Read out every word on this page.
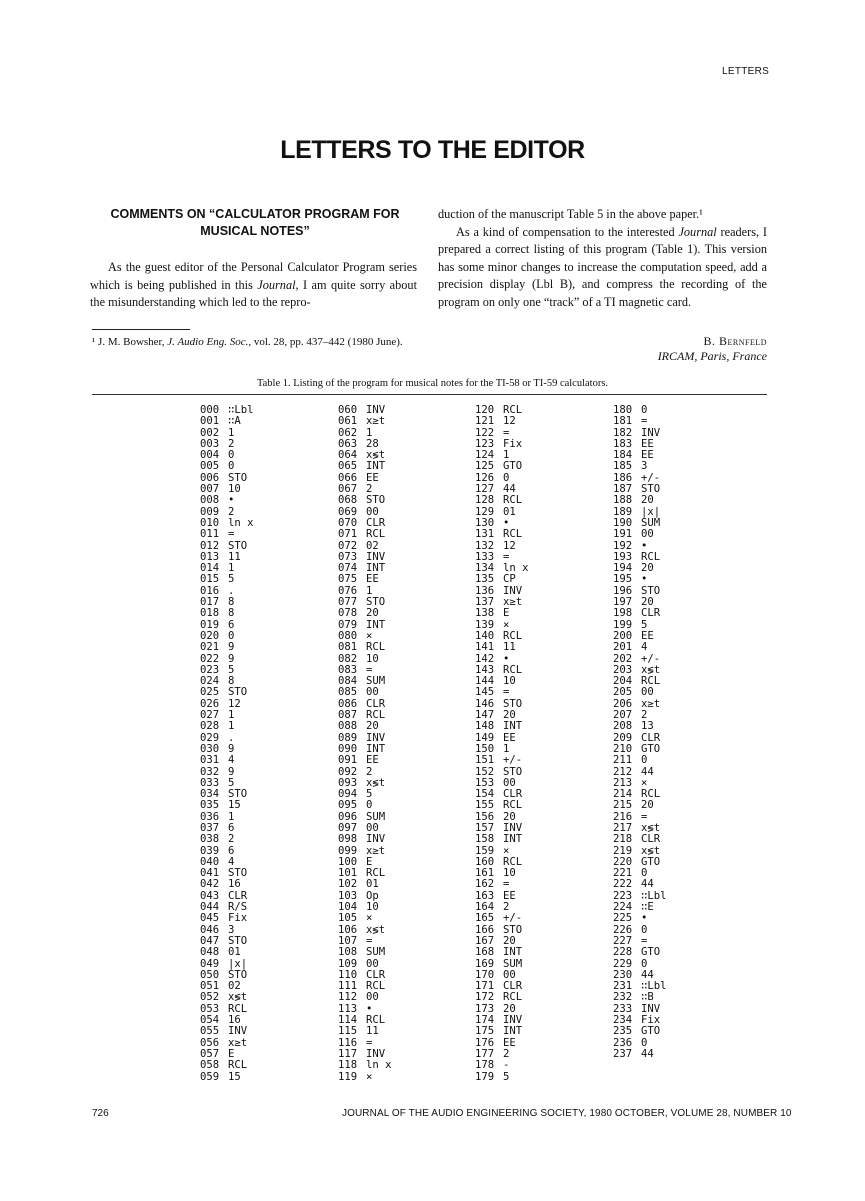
LETTERS
LETTERS TO THE EDITOR
COMMENTS ON “CALCULATOR PROGRAM FOR
MUSICAL NOTES”

As the guest editor of the Personal Calculator Program series which is being published in this Journal, I am quite sorry about the misunderstanding which led to the repro-

duction of the manuscript Table 5 in the above paper.¹

As a kind of compensation to the interested Journal readers, I prepared a correct listing of this program (Table 1). This version has some minor changes to increase the computation speed, add a precision display (Lbl B), and compress the recording of the program on only one “track” of a TI magnetic card.

¹ J. M. Bowsher, J. Audio Eng. Soc., vol. 28, pp. 437–442 (1980 June).	B. Bernfeld
IRCAM, Paris, France
Table 1. Listing of the program for musical notes for the TI-58 or TI-59 calculators.
000 ∷Lbl
001 ∷A
002 1
003 2
004 0
005 0
006 STO
007 10
008 •
009 2
010 ln x
011 =
012 STO
013 11
014 1
015 5
016 .
017 8
018 8
019 6
020 0
021 9
022 9
023 5
024 8
025 STO
026 12
027 1
028 1
029 .
030 9
031 4
032 9
033 5
034 STO
035 15
036 1
037 6
038 2
039 6
040 4
041 STO
042 16
043 CLR
044 R/S
045 Fix
046 3
047 STO
048 01
049 |x|
050 STO
051 02
052 x≶t
053 RCL
054 16
055 INV
056 x≥t
057 E
058 RCL
059 15
060 INV
061 x≥t
062 1
063 28
064 x≶t
065 INT
066 EE
067 2
068 STO
069 00
070 CLR
071 RCL
072 02
073 INV
074 INT
075 EE
076 1
077 STO
078 20
079 INT
080 ×
081 RCL
082 10
083 =
084 SUM
085 00
086 CLR
087 RCL
088 20
089 INV
090 INT
091 EE
092 2
093 x≶t
094 5
095 0
096 SUM
097 00
098 INV
099 x≥t
100 E
101 RCL
102 01
103 Op
104 10
105 ×
106 x≶t
107 =
108 SUM
109 00
110 CLR
111 RCL
112 00
113 •
114 RCL
115 11
116 =
117 INV
118 ln x
119 ×
120 RCL
121 12
122 =
123 Fix
124 1
125 GTO
126 0
127 44
128 RCL
129 01
130 •
131 RCL
132 12
133 =
134 ln x
135 CP
136 INV
137 x≥t
138 E
139 ×
140 RCL
141 11
142 •
143 RCL
144 10
145 =
146 STO
147 20
148 INT
149 EE
150 1
151 +/-
152 STO
153 00
154 CLR
155 RCL
156 20
157 INV
158 INT
159 ×
160 RCL
161 10
162 =
163 EE
164 2
165 +/-
166 STO
167 20
168 INT
169 SUM
170 00
171 CLR
172 RCL
173 20
174 INV
175 INT
176 EE
177 2
178 -
179 5
180 0
181 =
182 INV
183 EE
184 EE
185 3
186 +/-
187 STO
188 20
189 |x|
190 SUM
191 00
192 •
193 RCL
194 20
195 •
196 STO
197 20
198 CLR
199 5
200 EE
201 4
202 +/-
203 x≶t
204 RCL
205 00
206 x≥t
207 2
208 13
209 CLR
210 GTO
211 0
212 44
213 ×
214 RCL
215 20
216 =
217 x≶t
218 CLR
219 x≶t
220 GTO
221 0
222 44
223 ∷Lbl
224 ∷E
225 •
226 0
227 =
228 GTO
229 0
230 44
231 ∷Lbl
232 ∷B
233 INV
234 Fix
235 GTO
236 0
237 44
726	JOURNAL OF THE AUDIO ENGINEERING SOCIETY, 1980 OCTOBER, VOLUME 28, NUMBER 10
